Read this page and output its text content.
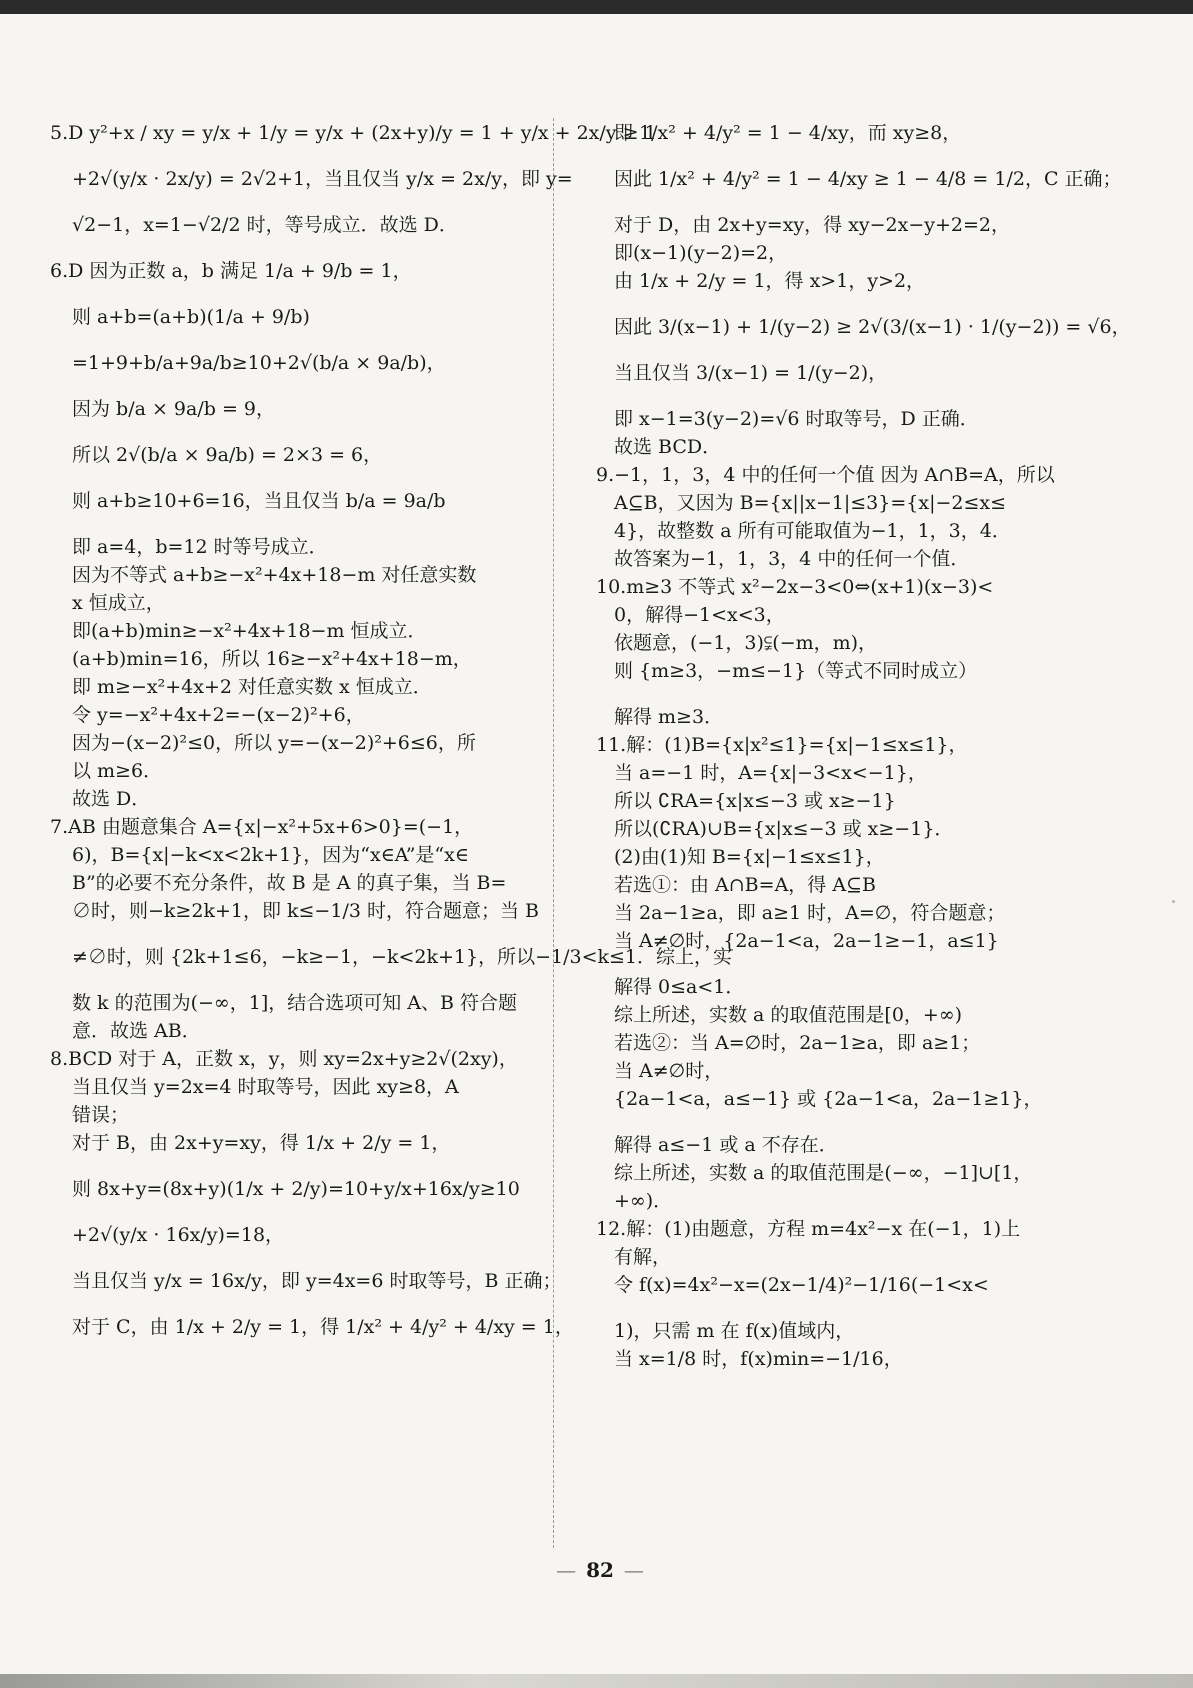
5.D y²+x / xy = y/x + 1/y = y/x + (2x+y)/y = 1 + y/x + 2x/y ≥ 1
+2√(y/x · 2x/y) = 2√2+1，当且仅当 y/x = 2x/y，即 y=
√2−1，x=1−√2/2 时，等号成立．故选 D．
6.D 因为正数 a，b 满足 1/a + 9/b = 1，
则 a+b=(a+b)(1/a + 9/b)
=1+9+b/a+9a/b≥10+2√(b/a × 9a/b)，
因为 b/a × 9a/b = 9，
所以 2√(b/a × 9a/b) = 2×3 = 6，
则 a+b≥10+6=16，当且仅当 b/a = 9a/b
即 a=4，b=12 时等号成立．
因为不等式 a+b≥−x²+4x+18−m 对任意实数
x 恒成立，
即(a+b)min≥−x²+4x+18−m 恒成立．
(a+b)min=16，所以 16≥−x²+4x+18−m，
即 m≥−x²+4x+2 对任意实数 x 恒成立．
令 y=−x²+4x+2=−(x−2)²+6，
因为−(x−2)²≤0，所以 y=−(x−2)²+6≤6，所
以 m≥6．
故选 D．
7.AB 由题意集合 A={x|−x²+5x+6>0}=(−1，
6)，B={x|−k<x<2k+1}，因为“x∈A”是“x∈
B”的必要不充分条件，故 B 是 A 的真子集，当 B=
∅时，则−k≥2k+1，即 k≤−1/3 时，符合题意；当 B
≠∅时，则 {2k+1≤6，−k≥−1，−k<2k+1}，所以−1/3<k≤1．综上，实
数 k 的范围为(−∞，1]，结合选项可知 A、B 符合题
意．故选 AB．
8.BCD 对于 A，正数 x，y，则 xy=2x+y≥2√(2xy)，
当且仅当 y=2x=4 时取等号，因此 xy≥8，A
错误；
对于 B，由 2x+y=xy，得 1/x + 2/y = 1，
则 8x+y=(8x+y)(1/x + 2/y)=10+y/x+16x/y≥10
+2√(y/x · 16x/y)=18，
当且仅当 y/x = 16x/y，即 y=4x=6 时取等号，B 正确；
对于 C，由 1/x + 2/y = 1，得 1/x² + 4/y² + 4/xy = 1，
即 1/x² + 4/y² = 1 − 4/xy，而 xy≥8，
因此 1/x² + 4/y² = 1 − 4/xy ≥ 1 − 4/8 = 1/2，C 正确；
对于 D，由 2x+y=xy，得 xy−2x−y+2=2，
即(x−1)(y−2)=2，
由 1/x + 2/y = 1，得 x>1，y>2，
因此 3/(x−1) + 1/(y−2) ≥ 2√(3/(x−1) · 1/(y−2)) = √6，
当且仅当 3/(x−1) = 1/(y−2)，
即 x−1=3(y−2)=√6 时取等号，D 正确．
故选 BCD．
9.−1，1，3，4 中的任何一个值 因为 A∩B=A，所以
A⊆B，又因为 B={x||x−1|≤3}={x|−2≤x≤
4}，故整数 a 所有可能取值为−1，1，3，4．
故答案为−1，1，3，4 中的任何一个值．
10.m≥3 不等式 x²−2x−3<0⇔(x+1)(x−3)<
0，解得−1<x<3，
依题意，(−1，3)⫋(−m，m)，
则 {m≥3，−m≤−1}（等式不同时成立）
解得 m≥3．
11.解：(1)B={x|x²≤1}={x|−1≤x≤1}，
当 a=−1 时，A={x|−3<x<−1}，
所以 ∁RA={x|x≤−3 或 x≥−1}
所以(∁RA)∪B={x|x≤−3 或 x≥−1}．
(2)由(1)知 B={x|−1≤x≤1}，
若选①：由 A∩B=A，得 A⊆B
当 2a−1≥a，即 a≥1 时，A=∅，符合题意；
当 A≠∅时，{2a−1<a，2a−1≥−1，a≤1}
解得 0≤a<1．
综上所述，实数 a 的取值范围是[0，+∞)
若选②：当 A=∅时，2a−1≥a，即 a≥1；
当 A≠∅时，
{2a−1<a，a≤−1} 或 {2a−1<a，2a−1≥1}，
解得 a≤−1 或 a 不存在．
综上所述，实数 a 的取值范围是(−∞，−1]∪[1，
+∞)．
12.解：(1)由题意，方程 m=4x²−x 在(−1，1)上
有解，
令 f(x)=4x²−x=(2x−1/4)²−1/16(−1<x<
1)，只需 m 在 f(x)值域内，
当 x=1/8 时，f(x)min=−1/16，
— 82 —
